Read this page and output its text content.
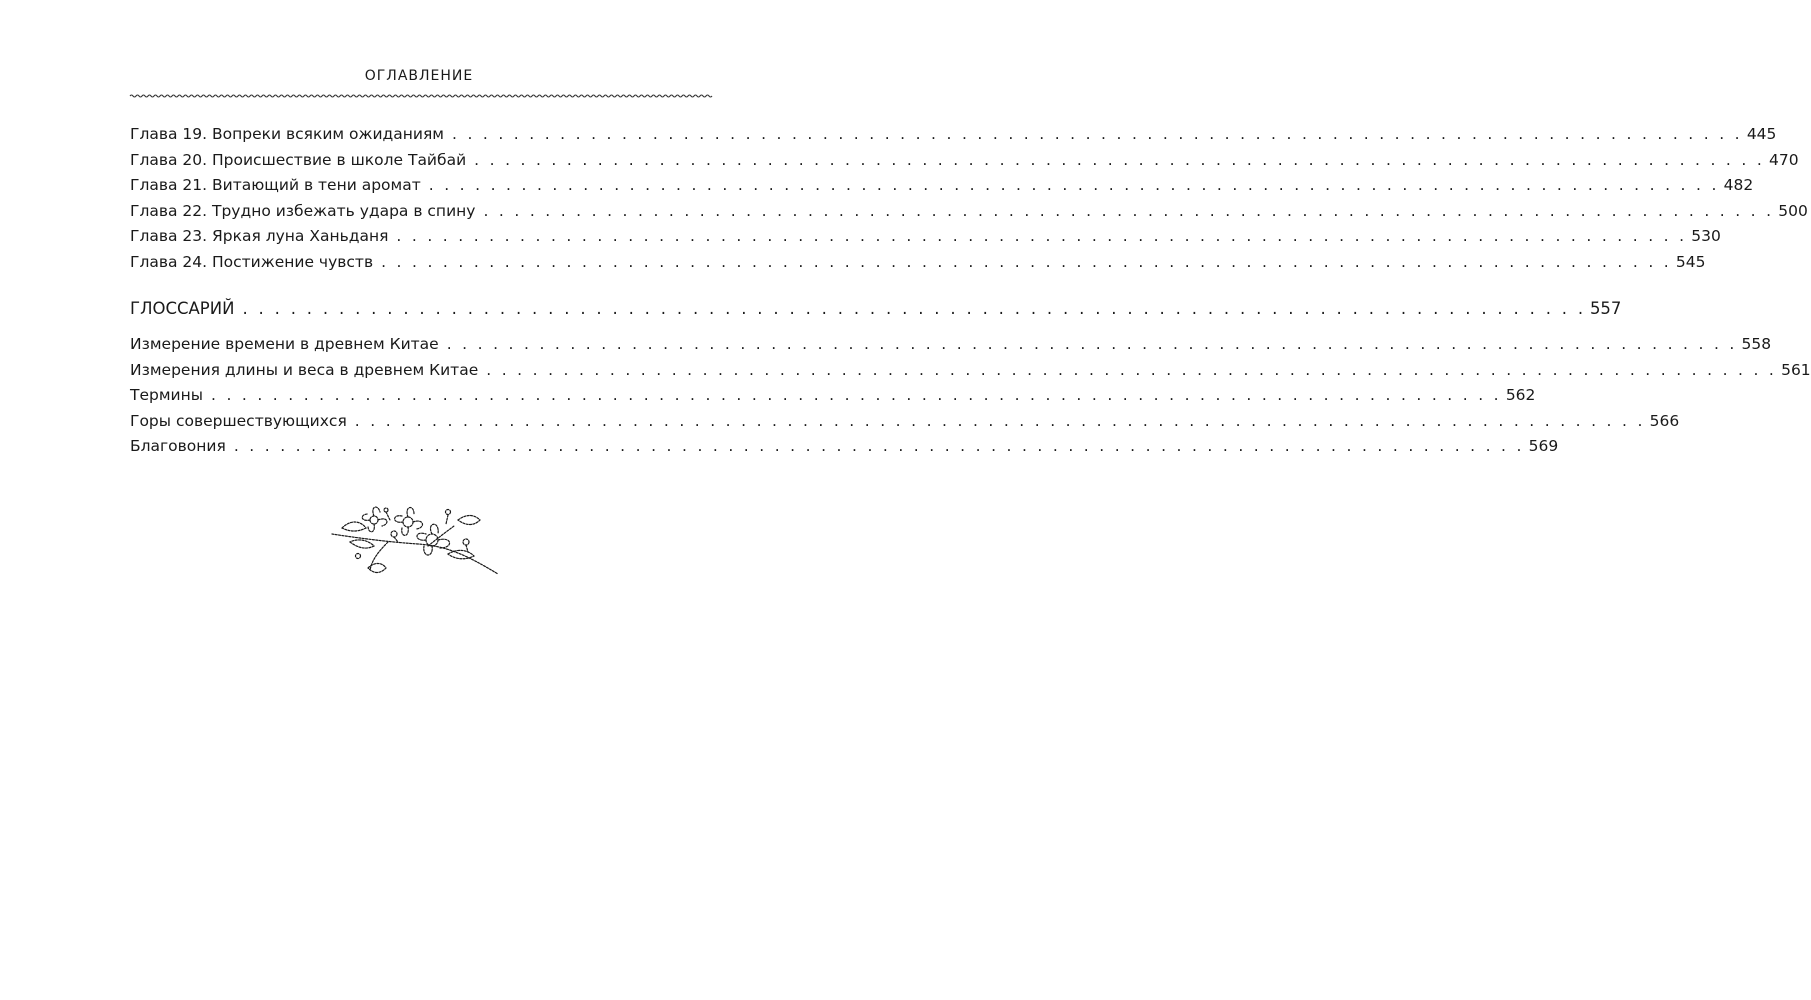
ОГЛАВЛЕНИЕ
Глава 19. Вопреки всяким ожиданиям . . . . . . . . . . . . . . . . . . . . . . . . . . . . . . . . . . . . . . . . . . . . . . . . . . . . . . . . . . . . . . . . . . . . . . . . . . . . . . . . . . . . 445
Глава 20. Происшествие в школе Тайбай . . . . . . . . . . . . . . . . . . . . . . . . . . . . . . . . . . . . . . . . . . . . . . . . . . . . . . . . . . . . . . . . . . . . . . . . . . . . . . . . . . . . 470
Глава 21. Витающий в тени аромат . . . . . . . . . . . . . . . . . . . . . . . . . . . . . . . . . . . . . . . . . . . . . . . . . . . . . . . . . . . . . . . . . . . . . . . . . . . . . . . . . . . . 482
Глава 22. Трудно избежать удара в спину . . . . . . . . . . . . . . . . . . . . . . . . . . . . . . . . . . . . . . . . . . . . . . . . . . . . . . . . . . . . . . . . . . . . . . . . . . . . . . . . . . . . 500
Глава 23. Яркая луна Ханьданя . . . . . . . . . . . . . . . . . . . . . . . . . . . . . . . . . . . . . . . . . . . . . . . . . . . . . . . . . . . . . . . . . . . . . . . . . . . . . . . . . . . . 530
Глава 24. Постижение чувств . . . . . . . . . . . . . . . . . . . . . . . . . . . . . . . . . . . . . . . . . . . . . . . . . . . . . . . . . . . . . . . . . . . . . . . . . . . . . . . . . . . . 545
ГЛОССАРИЙ . . . . . . . . . . . . . . . . . . . . . . . . . . . . . . . . . . . . . . . . . . . . . . . . . . . . . . . . . . . . . . . . . . . . . . . . . . . . . . . . . . . . 557
Измерение времени в древнем Китае . . . . . . . . . . . . . . . . . . . . . . . . . . . . . . . . . . . . . . . . . . . . . . . . . . . . . . . . . . . . . . . . . . . . . . . . . . . . . . . . . . . . 558
Измерения длины и веса в древнем Китае . . . . . . . . . . . . . . . . . . . . . . . . . . . . . . . . . . . . . . . . . . . . . . . . . . . . . . . . . . . . . . . . . . . . . . . . . . . . . . . . . . . . 561
Термины . . . . . . . . . . . . . . . . . . . . . . . . . . . . . . . . . . . . . . . . . . . . . . . . . . . . . . . . . . . . . . . . . . . . . . . . . . . . . . . . . . . . 562
Горы совершествующихся . . . . . . . . . . . . . . . . . . . . . . . . . . . . . . . . . . . . . . . . . . . . . . . . . . . . . . . . . . . . . . . . . . . . . . . . . . . . . . . . . . . . 566
Благовония . . . . . . . . . . . . . . . . . . . . . . . . . . . . . . . . . . . . . . . . . . . . . . . . . . . . . . . . . . . . . . . . . . . . . . . . . . . . . . . . . . . . 569
